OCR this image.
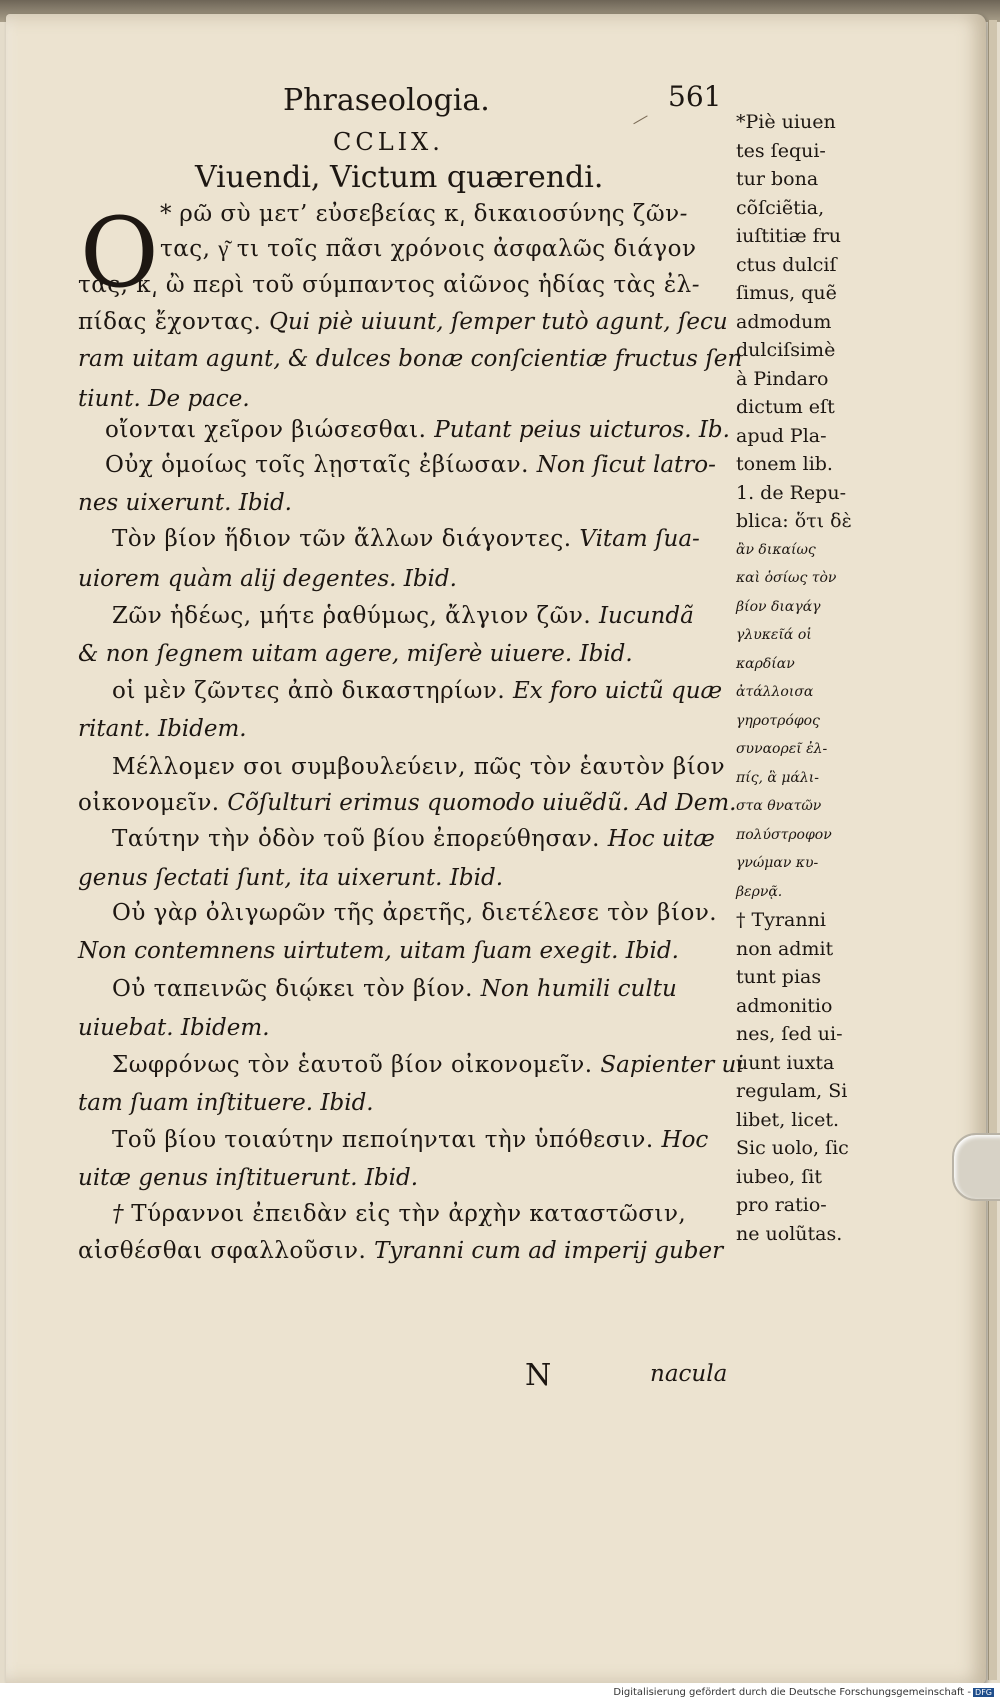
Phraseologia.	561
CCLIX.
Viuendi, Victum quærendi.
O * ρῶ σὺ μετ’ εὐσεβείας κ͵ δικαιοσύνης ζῶν-
τας, γ͂ τι τοῖς πᾶσι χρόνοις ἀσφαλῶς διάγον
τας, κ͵ ὢ περὶ τοῦ σύμπαντος αἰῶνος ἡδίας τὰς ἐλ-
πίδας ἔχοντας. Qui piè uiuunt, ſemper tutò agunt, ſecu
ram uitam agunt, & dulces bonæ conſcientiæ fructus ſen
tiunt. De pace.
οἴονται χεῖρον βιώσεσθαι. Putant peius uicturos. Ib.
Οὐχ ὁμοίως τοῖς λῃσταῖς ἐβίωσαν. Non ſicut latro-
nes uixerunt. Ibid.
Τὸν βίον ἥδιον τῶν ἄλλων διάγοντες. Vitam ſua-
uiorem quàm alij degentes. Ibid.
Ζῶν ἡδέως, μήτε ῥαθύμως, ἄλγιον ζῶν. Iucundã
& non ſegnem uitam agere, miſerè uiuere. Ibid.
οἱ μὲν ζῶντες ἀπὸ δικαστηρίων. Ex foro uictũ quæ
ritant. Ibidem.
Μέλλομεν σοι συμβουλεύειν, πῶς τὸν ἑαυτὸν βίον
οἰκονομεῖν. Cõſulturi erimus quomodo uiuẽdũ. Ad Dem.
Ταύτην τὴν ὁδὸν τοῦ βίου ἐπορεύθησαν. Hoc uitæ
genus ſectati ſunt, ita uixerunt. Ibid.
Οὐ γὰρ ὀλιγωρῶν τῆς ἀρετῆς, διετέλεσε τὸν βίον.
Non contemnens uirtutem, uitam ſuam exegit. Ibid.
Οὐ ταπεινῶς διῴκει τὸν βίον. Non humili cultu
uiuebat. Ibidem.
Σωφρόνως τὸν ἑαυτοῦ βίον οἰκονομεῖν. Sapienter ui
tam ſuam inſtituere. Ibid.
Τοῦ βίου τοιαύτην πεποίηνται τὴν ὑπόθεσιν. Hoc
uitæ genus inſtituerunt. Ibid.
† Τύραννοι ἐπειδὰν εἰς τὴν ἀρχὴν καταστῶσιν,
αἰσθέσθαι σφαλλοῦσιν. Tyranni cum ad imperij guber
*Piè uiuen
tes ſequi-
tur bona
cõſciẽtia,
iuſtitiæ fru
ctus dulciſ
ſimus, quẽ
admodum
dulciſsimè
à Pindaro
dictum eſt
apud Pla-
tonem lib.
1. de Repu-
blica: ὅτι δὲ
ἂν δικαίως
καὶ ὁσίως τὸν
βίον διαγάγ
γλυκεῖά οἱ
καρδίαν
ἀτάλλοισα
γηροτρόφος
συναορεῖ ἐλ-
πίς, ἃ μάλι-
στα θνατῶν
πολύστροφον
γνώμαν κυ-
βερνᾷ.
† Tyranni
non admit
tunt pias
admonitio
nes, ſed ui-
uunt iuxta
regulam, Si
libet, licet.
Sic uolo, ſic
iubeo, ſit
pro ratio-
ne uolũtas.
N	nacula
Digitalisierung gefördert durch die Deutsche Forschungsgemeinschaft - DFG
